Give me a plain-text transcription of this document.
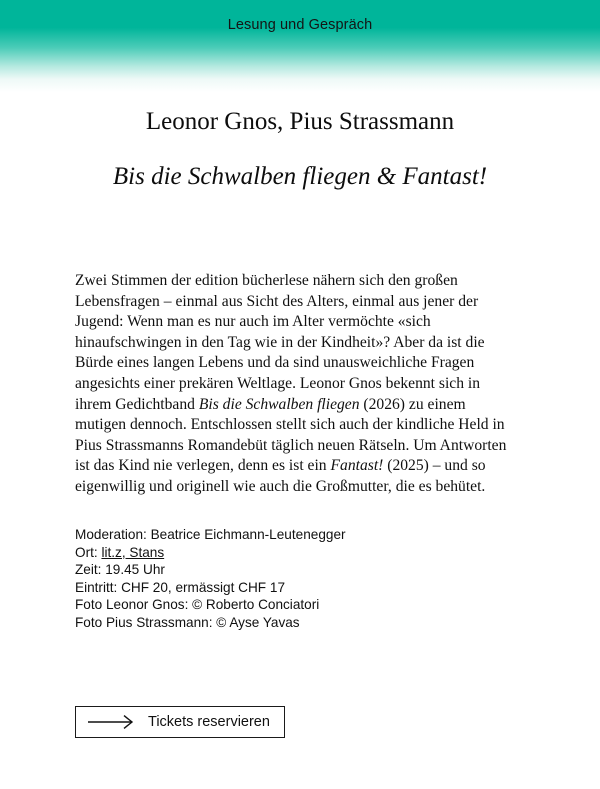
Lesung und Gespräch
Leonor Gnos, Pius Strassmann
Bis die Schwalben fliegen & Fantast!

Zwei Stimmen der edition bücherlese nähern sich den großen Lebensfragen – einmal aus Sicht des Alters, einmal aus jener der Jugend: Wenn man es nur auch im Alter vermöchte «sich hinaufschwingen in den Tag wie in der Kindheit»? Aber da ist die Bürde eines langen Lebens und da sind unausweichliche Fragen angesichts einer prekären Weltlage. Leonor Gnos bekennt sich in ihrem Gedichtband Bis die Schwalben fliegen (2026) zu einem mutigen dennoch. Entschlossen stellt sich auch der kindliche Held in Pius Strassmanns Romandebüt täglich neuen Rätseln. Um Antworten ist das Kind nie verlegen, denn es ist ein Fantast! (2025) – und so eigenwillig und originell wie auch die Großmutter, die es behütet.

Moderation: Beatrice Eichmann-Leutenegger
Ort: lit.z, Stans
Zeit: 19.45 Uhr
Eintritt: CHF 20, ermässigt CHF 17
Foto Leonor Gnos: © Roberto Conciatori
Foto Pius Strassmann: © Ayse Yavas
Tickets reservieren
